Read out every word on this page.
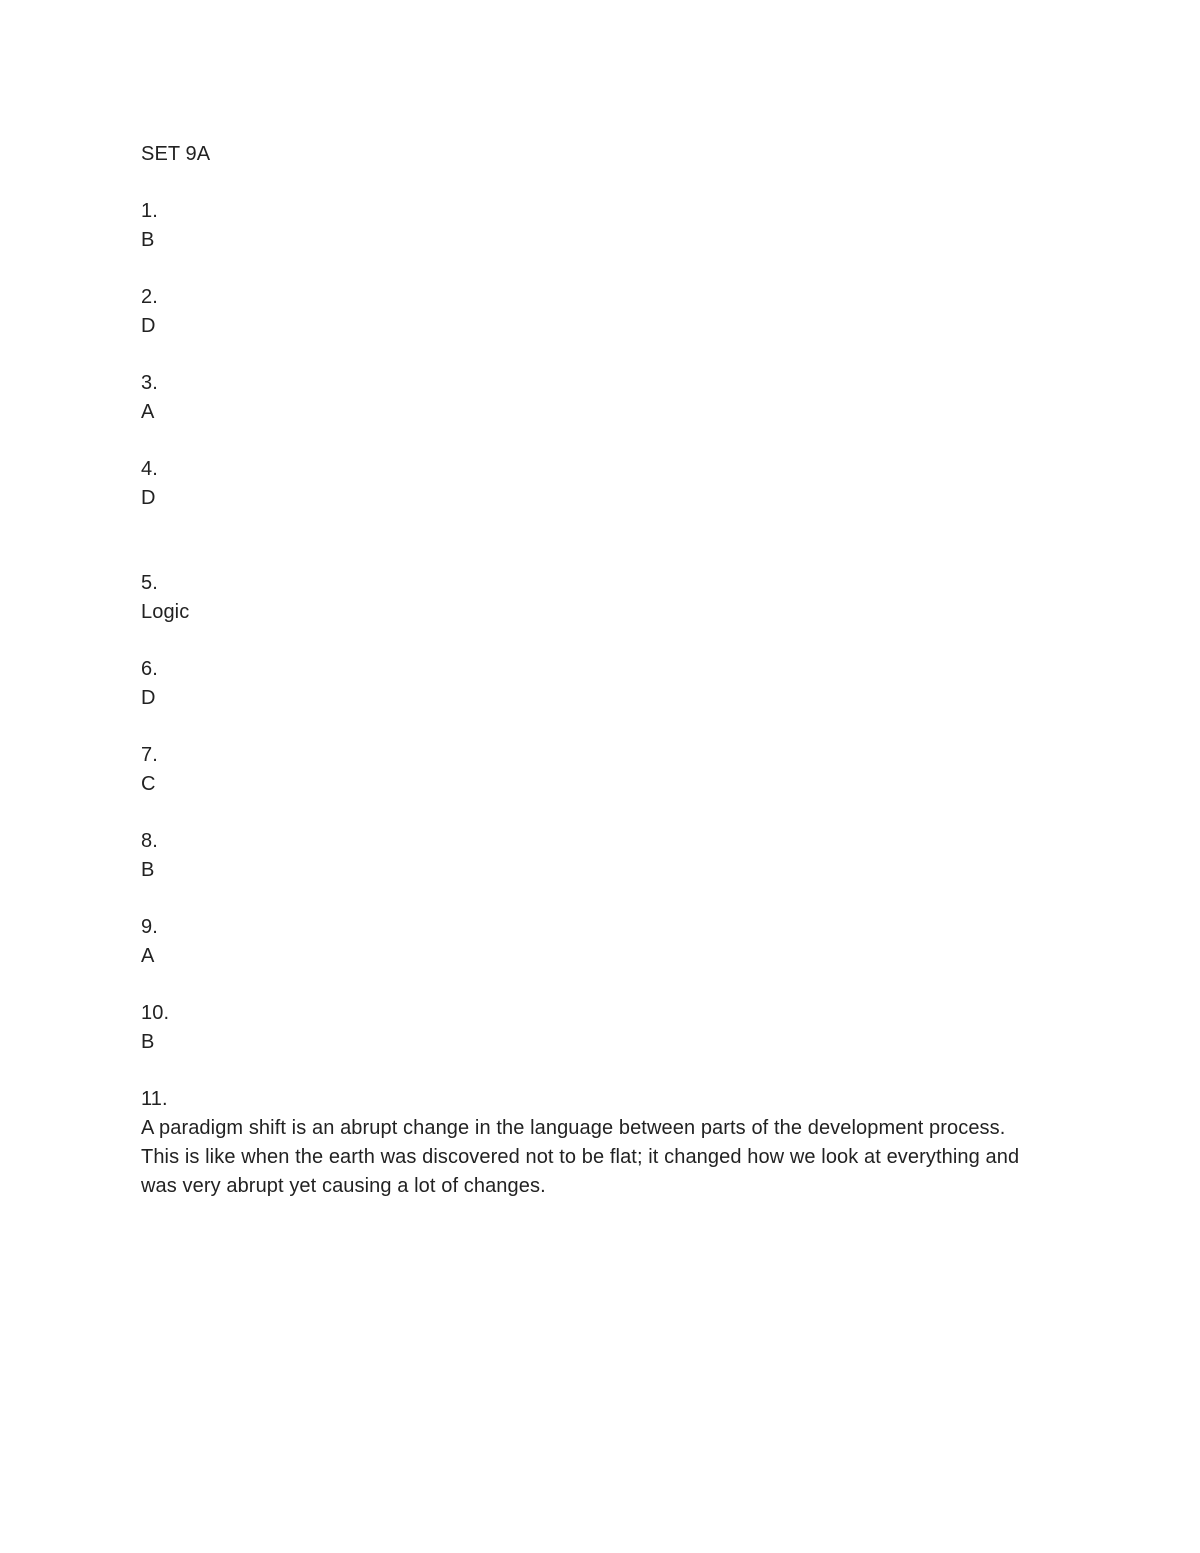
SET 9A
1.
B
2.
D
3.
A
4.
D
5.
Logic
6.
D
7.
C
8.
B
9.
A
10.
B
11.
A paradigm shift is an abrupt change in the language between parts of the development process. This is like when the earth was discovered not to be flat; it changed how we look at everything and was very abrupt yet causing a lot of changes.
